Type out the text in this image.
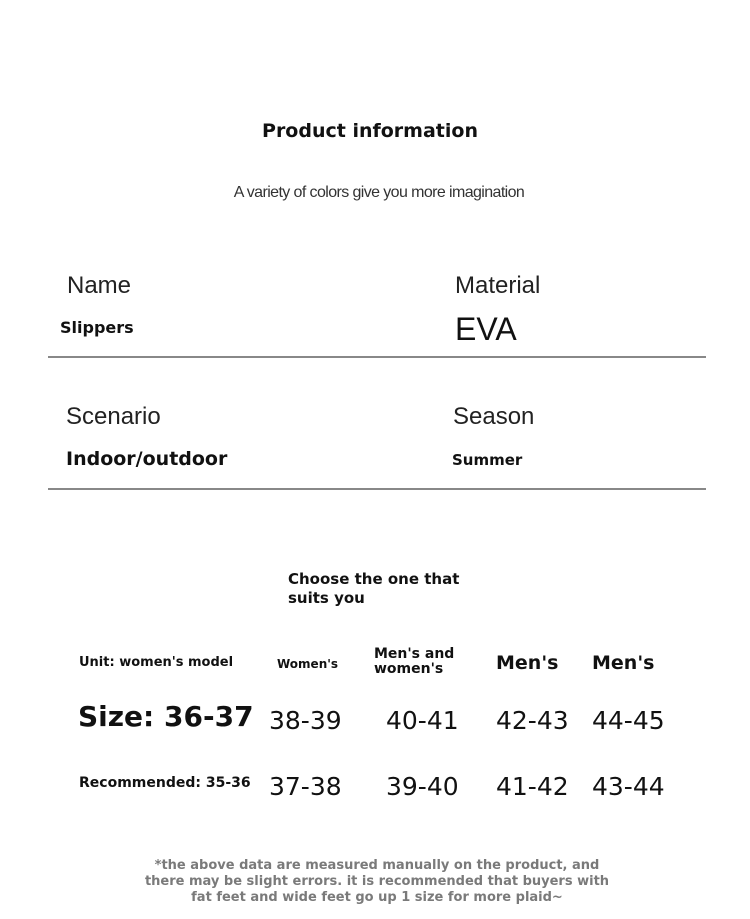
Product information
A variety of colors give you more imagination
Name
Slippers
Material
EVA
Scenario
Indoor/outdoor
Season
Summer
Choose the one that
suits you
Unit: women's model	Women's
Men's and
women's	Men's Men's
Size: 36-37 38-39 40-41 42-43 44-45
Recommended: 35-36 37-38 39-40 41-42 43-44
*the above data are measured manually on the product, and
there may be slight errors. it is recommended that buyers with
fat feet and wide feet go up 1 size for more plaid~
